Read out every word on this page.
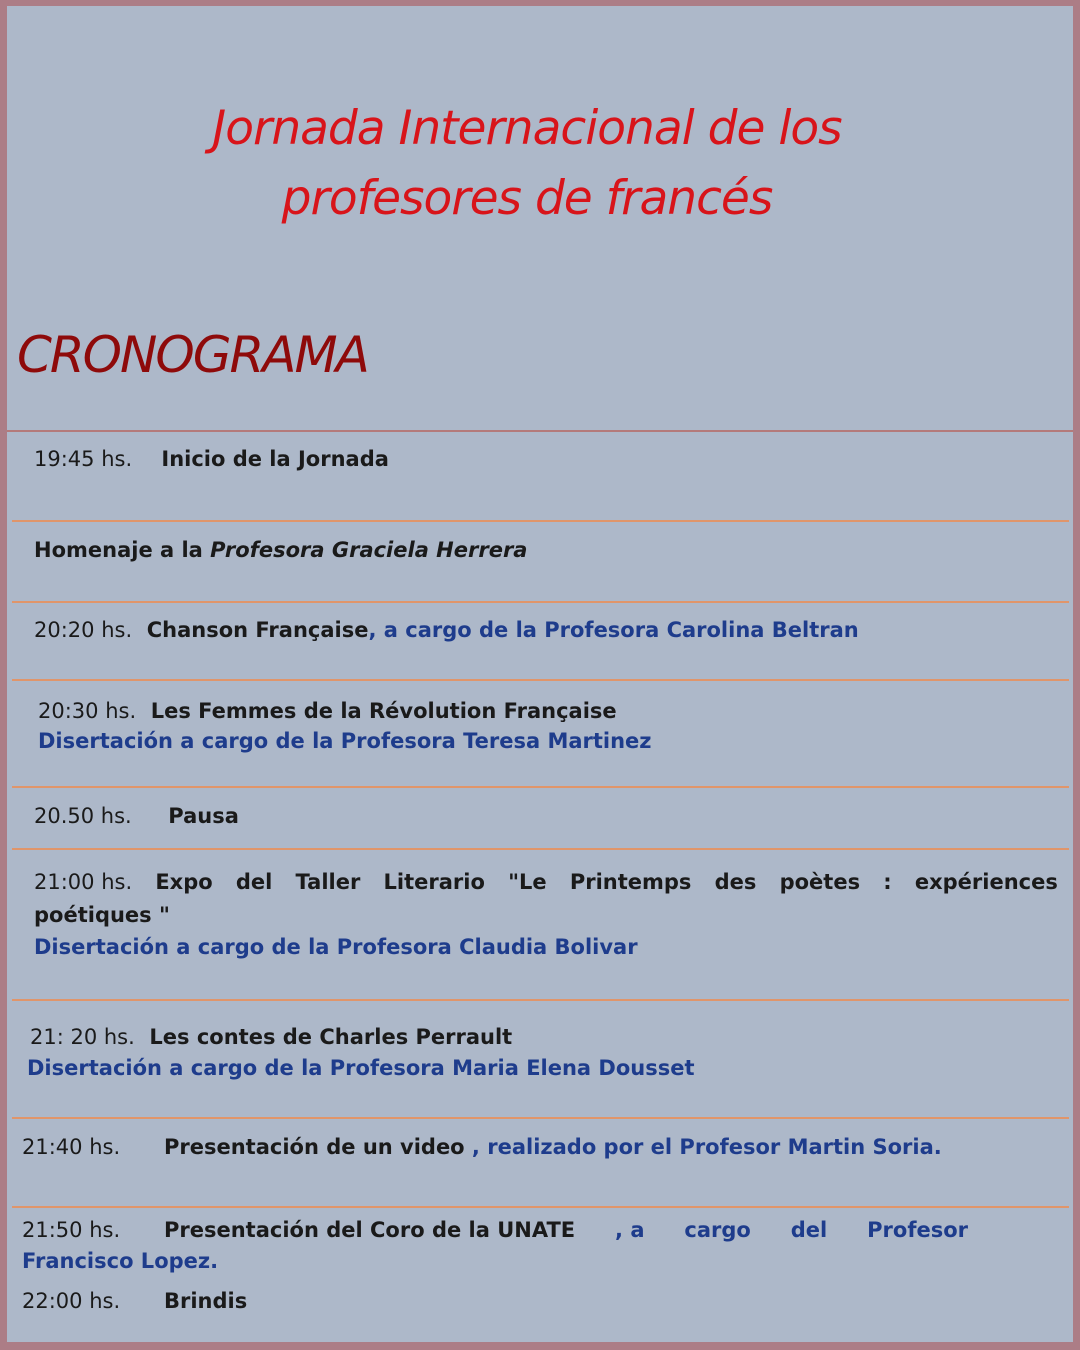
Jornada Internacional de los
profesores de francés
CRONOGRAMA
19:45 hs. Inicio de la Jornada
Homenaje a la Profesora Graciela Herrera
20:20 hs. Chanson Française, a cargo de la Profesora Carolina Beltran
20:30 hs. Les Femmes de la Révolution Française
Disertación a cargo de la Profesora Teresa Martinez
20.50 hs. Pausa
21:00 hs. Expo del Taller Literario "Le Printemps des poètes : expériences
poétiques "
Disertación a cargo de la Profesora Claudia Bolivar
21: 20 hs. Les contes de Charles Perrault
Disertación a cargo de la Profesora Maria Elena Dousset
21:40 hs. Presentación de un video , realizado por el Profesor Martin Soria.
21:50 hs. Presentación del Coro de la UNATE , a cargo del Profesor
Francisco Lopez.
22:00 hs. Brindis
